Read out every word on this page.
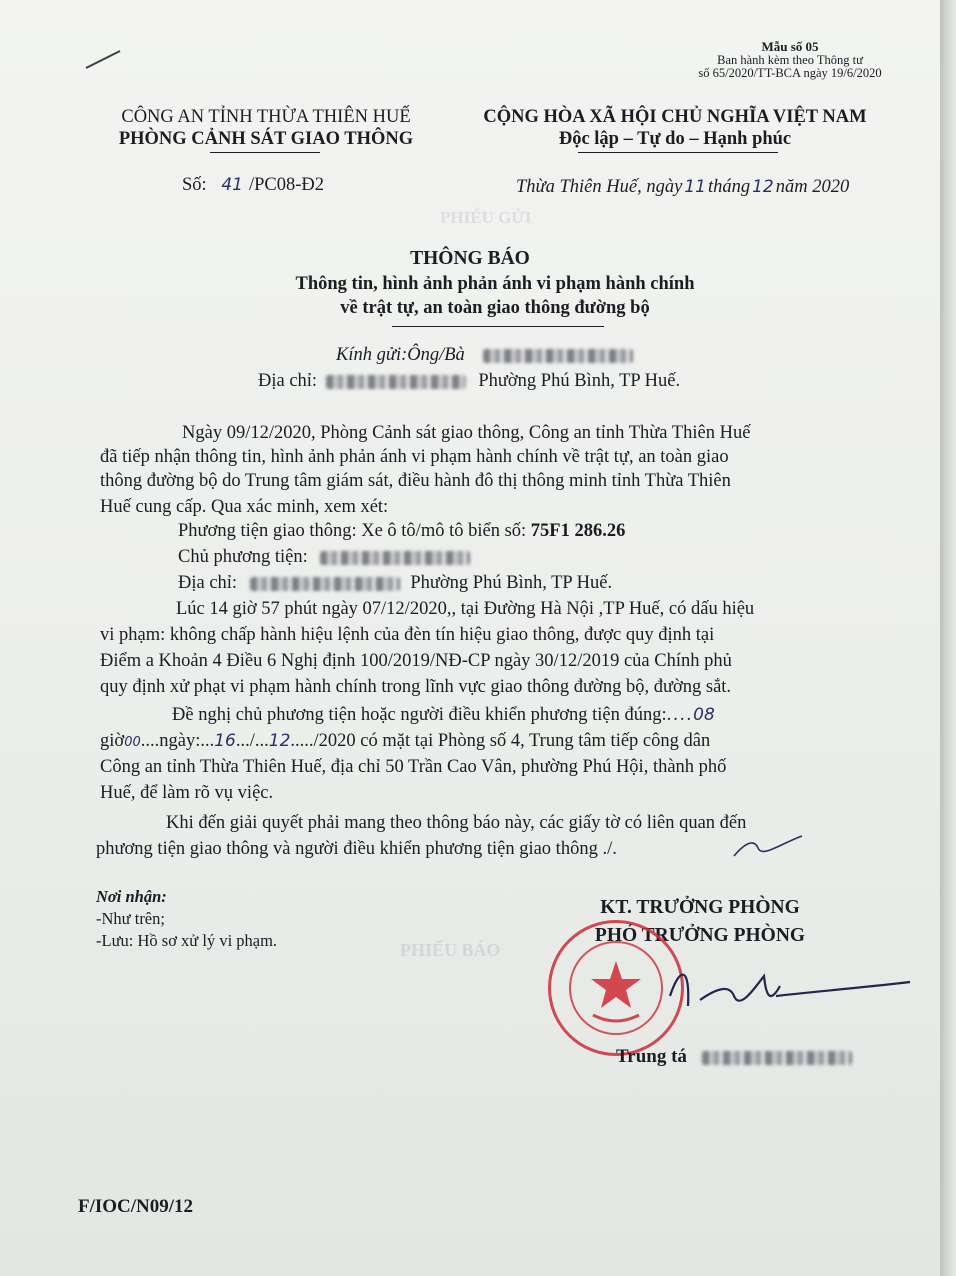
PHIẾU GỬI
PHIẾU BÁO
Mẫu số 05
Ban hành kèm theo Thông tư
số 65/2020/TT-BCA ngày 19/6/2020
CÔNG AN TỈNH THỪA THIÊN HUẾ
PHÒNG CẢNH SÁT GIAO THÔNG
CỘNG HÒA XÃ HỘI CHỦ NGHĨA VIỆT NAM
Độc lập – Tự do – Hạnh phúc
Số: 41 /PC08-Đ2	Thừa Thiên Huế, ngày 11 tháng 12 năm 2020
THÔNG BÁO
Thông tin, hình ảnh phản ánh vi phạm hành chính
về trật tự, an toàn giao thông đường bộ
Kính gửi:Ông/Bà
Địa chỉ:	Phường Phú Bình, TP Huế.
Ngày 09/12/2020, Phòng Cảnh sát giao thông, Công an tỉnh Thừa Thiên Huế
đã tiếp nhận thông tin, hình ảnh phản ánh vi phạm hành chính về trật tự, an toàn giao
thông đường bộ do Trung tâm giám sát, điều hành đô thị thông minh tỉnh Thừa Thiên
Huế cung cấp. Qua xác minh, xem xét:
Phương tiện giao thông: Xe ô tô/mô tô biển số: 75F1 286.26
Chủ phương tiện:
Địa chỉ:	Phường Phú Bình, TP Huế.
Lúc 14 giờ 57 phút ngày 07/12/2020,, tại Đường Hà Nội ,TP Huế, có dấu hiệu
vi phạm: không chấp hành hiệu lệnh của đèn tín hiệu giao thông, được quy định tại
Điểm a Khoản 4 Điều 6 Nghị định 100/2019/NĐ-CP ngày 30/12/2019 của Chính phủ
quy định xử phạt vi phạm hành chính trong lĩnh vực giao thông đường bộ, đường sắt.
Đề nghị chủ phương tiện hoặc người điều khiển phương tiện đúng:....08
giờ00....ngày:...16.../...12...../2020 có mặt tại Phòng số 4, Trung tâm tiếp công dân
Công an tỉnh Thừa Thiên Huế, địa chỉ 50 Trần Cao Vân, phường Phú Hội, thành phố
Huế, để làm rõ vụ việc.
Khi đến giải quyết phải mang theo thông báo này, các giấy tờ có liên quan đến
phương tiện giao thông và người điều khiển phương tiện giao thông ./.
Nơi nhận:
-Như trên;
-Lưu: Hồ sơ xử lý vi phạm.
KT. TRƯỞNG PHÒNG
PHÓ TRƯỞNG PHÒNG
Trung tá
F/IOC/N09/12
